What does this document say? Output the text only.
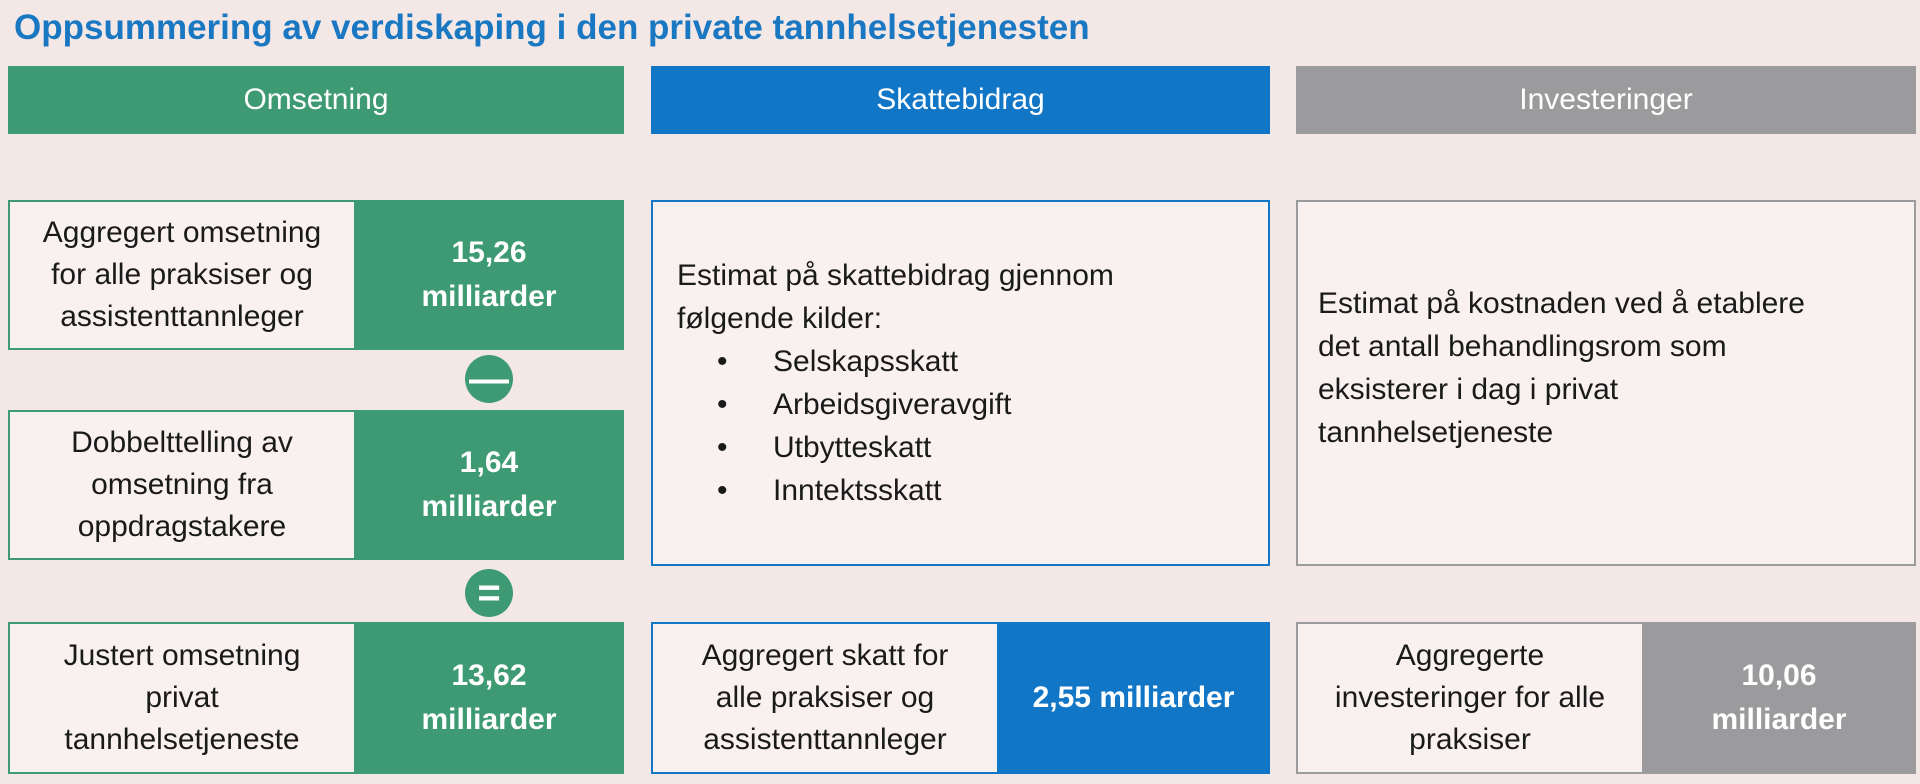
Oppsummering av verdiskaping i den private tannhelsetjenesten
Omsetning	Skattebidrag	Investeringer
Aggregert omsetning
for alle praksiser og
assistenttannleger
15,26
milliarder
—
Dobbelttelling av
omsetning fra
oppdragstakere
1,64
milliarder
=
Justert omsetning
privat
tannhelsetjeneste
13,62
milliarder
Estimat på skattebidrag gjennom
følgende kilder:
• Selskapsskatt
• Arbeidsgiveravgift
• Utbytteskatt
• Inntektsskatt
Aggregert skatt for
alle praksiser og
assistenttannleger
2,55 milliarder
Estimat på kostnaden ved å etablere
det antall behandlingsrom som
eksisterer i dag i privat
tannhelsetjeneste
Aggregerte
investeringer for alle
praksiser
10,06
milliarder
